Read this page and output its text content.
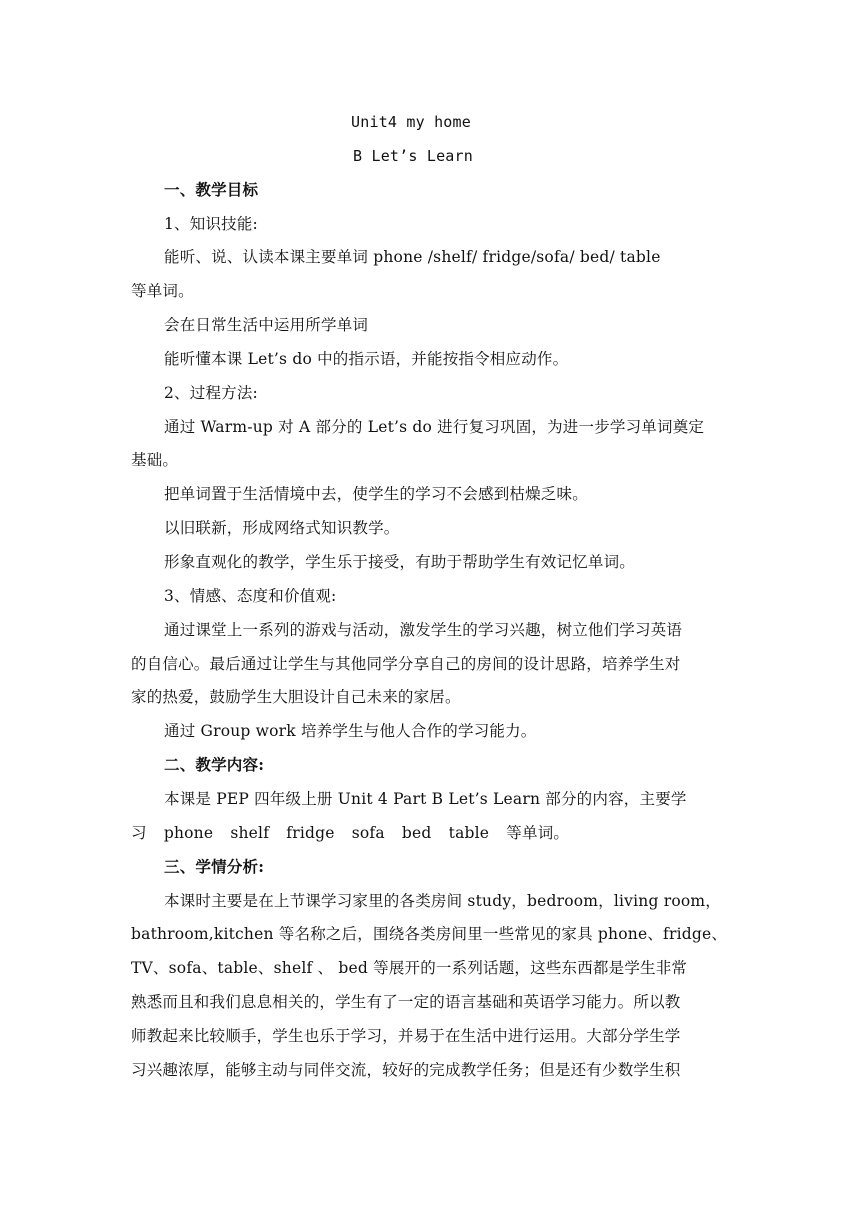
Unit4 my home
B Let’s Learn
一、教学目标
1、知识技能:
能听、说、认读本课主要单词 phone /shelf/ fridge/sofa/ bed/ table
等单词。
会在日常生活中运用所学单词
能听懂本课 Let’s do 中的指示语，并能按指令相应动作。
2、过程方法:
通过 Warm-up 对 A 部分的 Let’s do 进行复习巩固，为进一步学习单词奠定
基础。
把单词置于生活情境中去，使学生的学习不会感到枯燥乏味。
以旧联新，形成网络式知识教学。
形象直观化的教学，学生乐于接受，有助于帮助学生有效记忆单词。
3、情感、态度和价值观:
通过课堂上一系列的游戏与活动，激发学生的学习兴趣，树立他们学习英语
的自信心。最后通过让学生与其他同学分享自己的房间的设计思路，培养学生对
家的热爱，鼓励学生大胆设计自己未来的家居。
通过 Group work 培养学生与他人合作的学习能力。
二、教学内容:
本课是 PEP 四年级上册 Unit 4 Part B Let’s Learn 部分的内容，主要学
习 phone shelf fridge sofa bed table 等单词。
三、学情分析:
本课时主要是在上节课学习家里的各类房间 study，bedroom，living room，
bathroom,kitchen 等名称之后，围绕各类房间里一些常见的家具 phone、fridge、
TV、sofa、table、shelf 、 bed 等展开的一系列话题，这些东西都是学生非常
熟悉而且和我们息息相关的，学生有了一定的语言基础和英语学习能力。所以教
师教起来比较顺手，学生也乐于学习，并易于在生活中进行运用。大部分学生学
习兴趣浓厚，能够主动与同伴交流，较好的完成教学任务；但是还有少数学生积
